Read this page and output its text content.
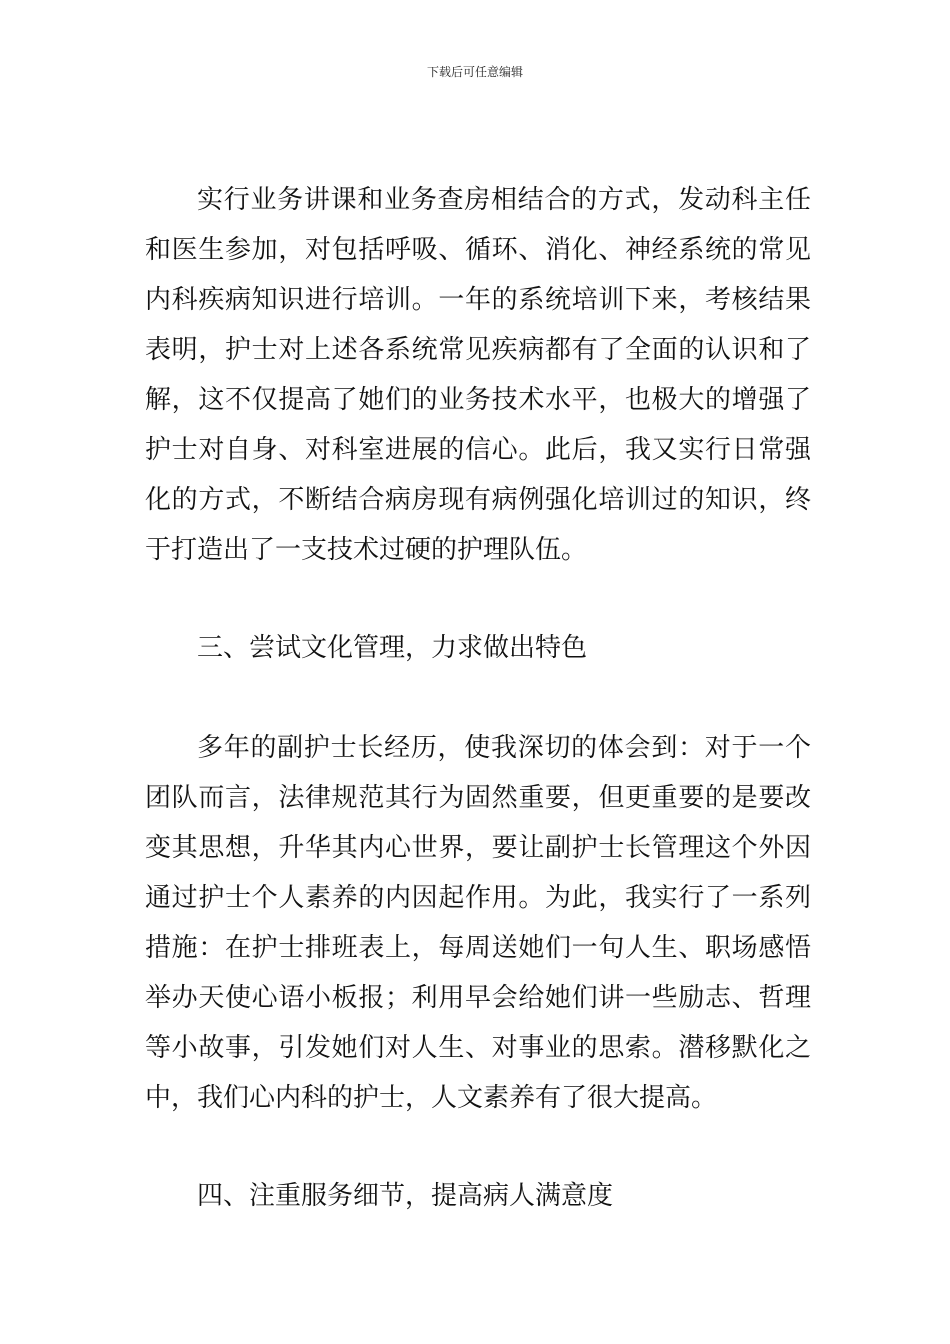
下载后可任意编辑

实行业务讲课和业务查房相结合的方式，发动科主任和医生参加，对包括呼吸、循环、消化、神经系统的常见内科疾病知识进行培训。一年的系统培训下来，考核结果表明，护士对上述各系统常见疾病都有了全面的认识和了解，这不仅提高了她们的业务技术水平，也极大的增强了护士对自身、对科室进展的信心。此后，我又实行日常强化的方式，不断结合病房现有病例强化培训过的知识，终于打造出了一支技术过硬的护理队伍。

三、尝试文化管理，力求做出特色

多年的副护士长经历，使我深切的体会到：对于一个团队而言，法律规范其行为固然重要，但更重要的是要改变其思想，升华其内心世界，要让副护士长管理这个外因通过护士个人素养的内因起作用。为此，我实行了一系列措施：在护士排班表上，每周送她们一句人生、职场感悟举办天使心语小板报；利用早会给她们讲一些励志、哲理等小故事，引发她们对人生、对事业的思索。潜移默化之中，我们心内科的护士，人文素养有了很大提高。

四、注重服务细节，提高病人满意度
